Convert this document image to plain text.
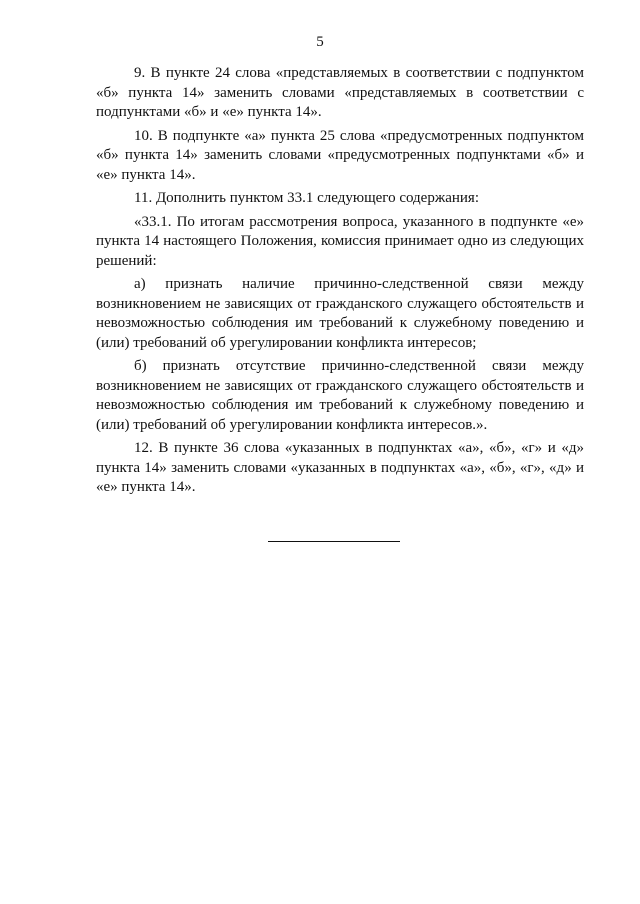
5

9. В пункте 24 слова «представляемых в соответствии с подпунктом «б» пункта 14» заменить словами «представляемых в соответствии с подпунктами «б» и «е» пункта 14».

10. В подпункте «а» пункта 25 слова «предусмотренных подпунктом «б» пункта 14» заменить словами «предусмотренных подпунктами «б» и «е» пункта 14».

11. Дополнить пунктом 33.1 следующего содержания:

«33.1. По итогам рассмотрения вопроса, указанного в подпункте «е» пункта 14 настоящего Положения, комиссия принимает одно из следующих решений:

а) признать наличие причинно-следственной связи между возникновением не зависящих от гражданского служащего обстоятельств и невозможностью соблюдения им требований к служебному поведению и (или) требований об урегулировании конфликта интересов;

б) признать отсутствие причинно-следственной связи между возникновением не зависящих от гражданского служащего обстоятельств и невозможностью соблюдения им требований к служебному поведению и (или) требований об урегулировании конфликта интересов.».

12. В пункте 36 слова «указанных в подпунктах «а», «б», «г» и «д» пункта 14» заменить словами «указанных в подпунктах «а», «б», «г», «д» и «е» пункта 14».
